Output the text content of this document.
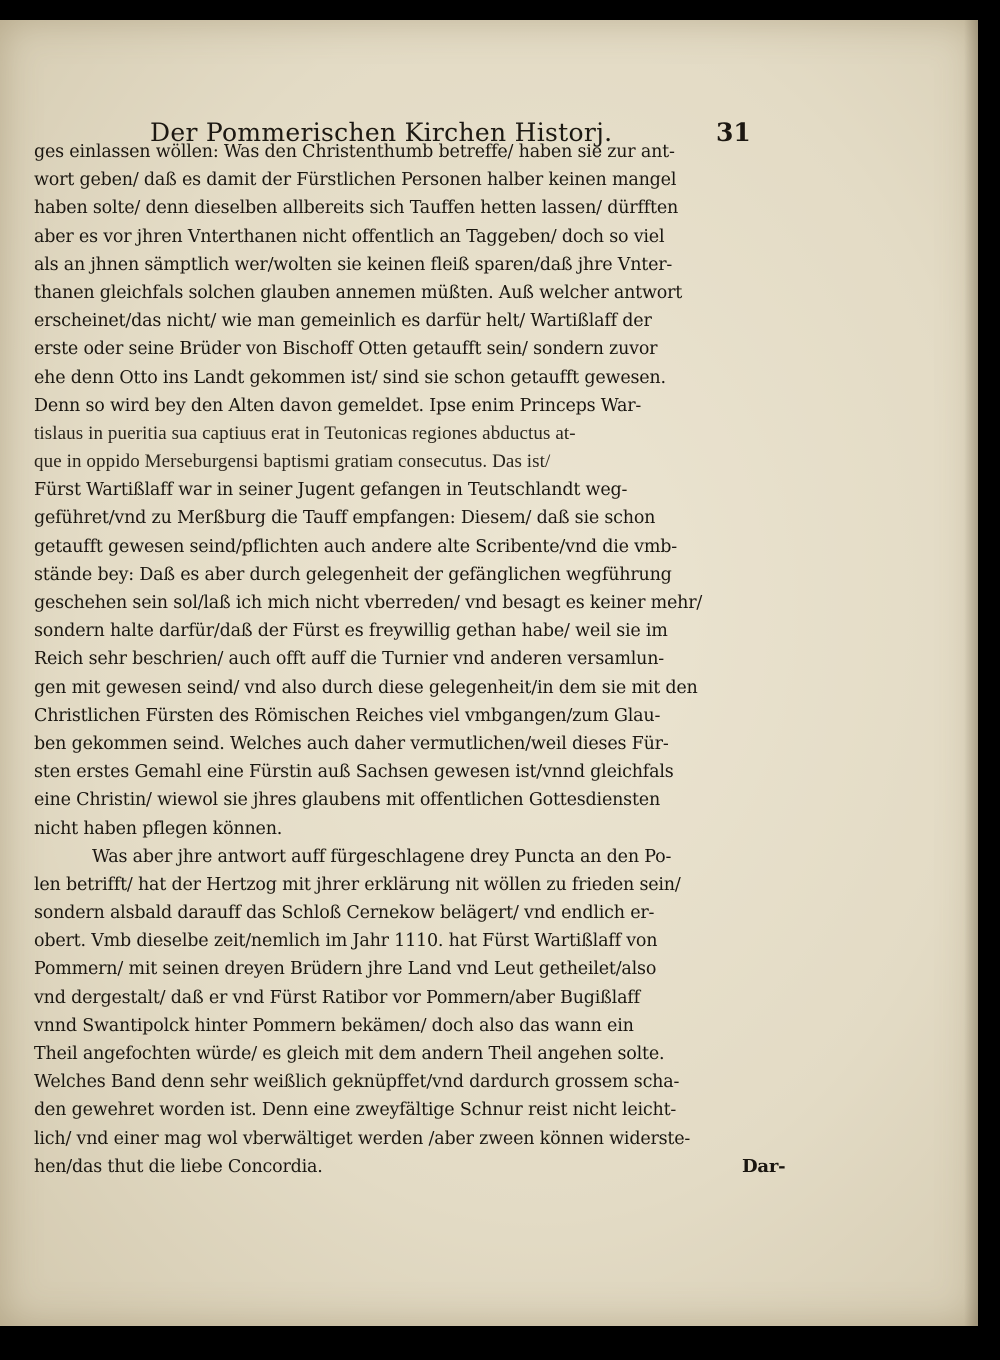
Der Pommerischen Kirchen Historj.	31
ges einlassen wöllen: Was den Christenthumb betreffe/ haben sie zur ant-
wort geben/ daß es damit der Fürstlichen Personen halber keinen mangel
haben solte/ denn dieselben allbereits sich Tauffen hetten lassen/ dürfften
aber es vor jhren Vnterthanen nicht offentlich an Taggeben/ doch so viel
als an jhnen sämptlich wer/wolten sie keinen fleiß sparen/daß jhre Vnter-
thanen gleichfals solchen glauben annemen müßten. Auß welcher antwort
erscheinet/das nicht/ wie man gemeinlich es darfür helt/ Wartißlaff der
erste oder seine Brüder von Bischoff Otten getaufft sein/ sondern zuvor
ehe denn Otto ins Landt gekommen ist/ sind sie schon getaufft gewesen.
Denn so wird bey den Alten davon gemeldet. Ipse enim Princeps War-
tislaus in pueritia sua captiuus erat in Teutonicas regiones abductus at-
que in oppido Merseburgensi baptismi gratiam consecutus. Das ist/
Fürst Wartißlaff war in seiner Jugent gefangen in Teutschlandt weg-
geführet/vnd zu Merßburg die Tauff empfangen: Diesem/ daß sie schon
getaufft gewesen seind/pflichten auch andere alte Scribente/vnd die vmb-
stände bey: Daß es aber durch gelegenheit der gefänglichen wegführung
geschehen sein sol/laß ich mich nicht vberreden/ vnd besagt es keiner mehr/
sondern halte darfür/daß der Fürst es freywillig gethan habe/ weil sie im
Reich sehr beschrien/ auch offt auff die Turnier vnd anderen versamlun-
gen mit gewesen seind/ vnd also durch diese gelegenheit/in dem sie mit den
Christlichen Fürsten des Römischen Reiches viel vmbgangen/zum Glau-
ben gekommen seind. Welches auch daher vermutlichen/weil dieses Für-
sten erstes Gemahl eine Fürstin auß Sachsen gewesen ist/vnnd gleichfals
eine Christin/ wiewol sie jhres glaubens mit offentlichen Gottesdiensten
nicht haben pflegen können.
Was aber jhre antwort auff fürgeschlagene drey Puncta an den Po-
len betrifft/ hat der Hertzog mit jhrer erklärung nit wöllen zu frieden sein/
sondern alsbald darauff das Schloß Cernekow belägert/ vnd endlich er-
obert. Vmb dieselbe zeit/nemlich im Jahr 1110. hat Fürst Wartißlaff von
Pommern/ mit seinen dreyen Brüdern jhre Land vnd Leut getheilet/also
vnd dergestalt/ daß er vnd Fürst Ratibor vor Pommern/aber Bugißlaff
vnnd Swantipolck hinter Pommern bekämen/ doch also das wann ein
Theil angefochten würde/ es gleich mit dem andern Theil angehen solte.
Welches Band denn sehr weißlich geknüpffet/vnd dardurch grossem scha-
den gewehret worden ist. Denn eine zweyfältige Schnur reist nicht leicht-
lich/ vnd einer mag wol vberwältiget werden /aber zween können widerste-
hen/das thut die liebe Concordia.	Dar-
